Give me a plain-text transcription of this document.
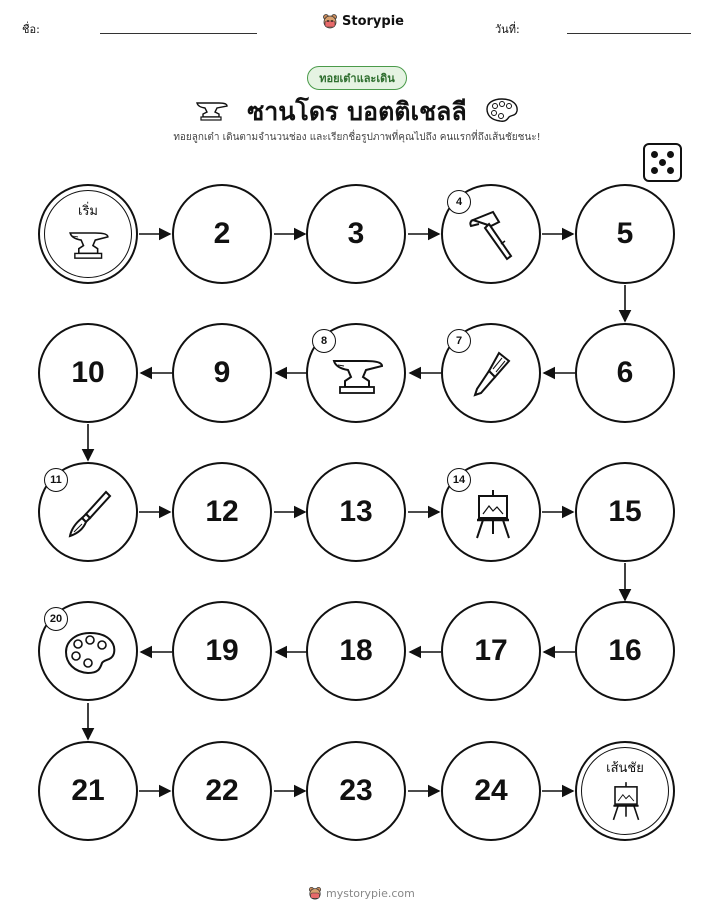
ชื่อ:
Storypie
วันที่:
ทอยเต๋าและเดิน
ซานโดร บอตติเชลลี
ทอยลูกเต๋า เดินตามจำนวนช่อง และเรียกชื่อรูปภาพที่คุณไปถึง คนแรกที่ถึงเส้นชัยชนะ!
เริ่ม
2	3
4
5
6
7
8
9
10
11
12	13
14
15
16
17
18
19
20
21	22	23	24
เส้นชัย
mystorypie.com
